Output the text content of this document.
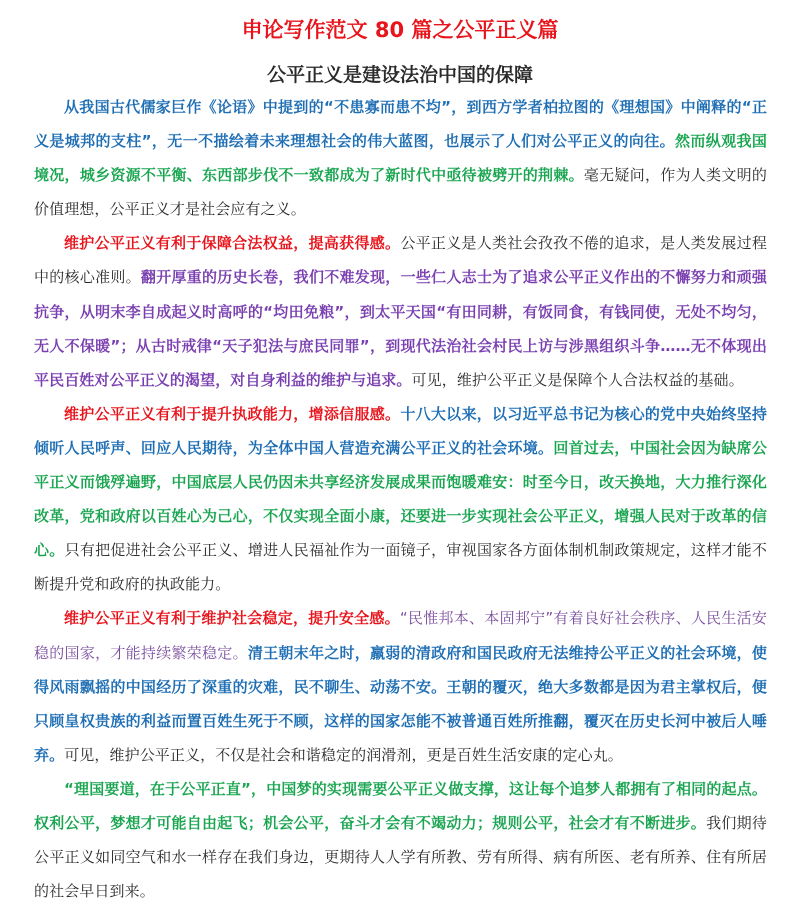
申论写作范文 80 篇之公平正义篇
公平正义是建设法治中国的保障

从我国古代儒家巨作《论语》中提到的“不患寡而患不均”，到西方学者柏拉图的《理想国》中阐释的“正义是城邦的支柱”，无一不描绘着未来理想社会的伟大蓝图，也展示了人们对公平正义的向往。然而纵观我国境况，城乡资源不平衡、东西部步伐不一致都成为了新时代中亟待被劈开的荆棘。毫无疑问，作为人类文明的价值理想，公平正义才是社会应有之义。

维护公平正义有利于保障合法权益，提高获得感。公平正义是人类社会孜孜不倦的追求，是人类发展过程中的核心准则。翻开厚重的历史长卷，我们不难发现，一些仁人志士为了追求公平正义作出的不懈努力和顽强抗争，从明末李自成起义时高呼的“均田免粮”，到太平天国“有田同耕，有饭同食，有钱同使，无处不均匀，无人不保暖”；从古时戒律“天子犯法与庶民同罪”，到现代法治社会村民上访与涉黑组织斗争……无不体现出平民百姓对公平正义的渴望，对自身利益的维护与追求。可见，维护公平正义是保障个人合法权益的基础。

维护公平正义有利于提升执政能力，增添信服感。十八大以来，以习近平总书记为核心的党中央始终坚持倾听人民呼声、回应人民期待，为全体中国人营造充满公平正义的社会环境。回首过去，中国社会因为缺席公平正义而饿殍遍野，中国底层人民仍因未共享经济发展成果而饱暖难安：时至今日，改天换地，大力推行深化改革，党和政府以百姓心为己心，不仅实现全面小康，还要进一步实现社会公平正义，增强人民对于改革的信心。只有把促进社会公平正义、增进人民福祉作为一面镜子，审视国家各方面体制机制政策规定，这样才能不断提升党和政府的执政能力。

维护公平正义有利于维护社会稳定，提升安全感。“民惟邦本、本固邦宁”有着良好社会秩序、人民生活安稳的国家，才能持续繁荣稳定。清王朝末年之时，羸弱的清政府和国民政府无法维持公平正义的社会环境，使得风雨飘摇的中国经历了深重的灾难，民不聊生、动荡不安。王朝的覆灭，绝大多数都是因为君主掌权后，便只顾皇权贵族的利益而置百姓生死于不顾，这样的国家怎能不被普通百姓所推翻，覆灭在历史长河中被后人唾弃。可见，维护公平正义，不仅是社会和谐稳定的润滑剂，更是百姓生活安康的定心丸。

“理国要道，在于公平正直”，中国梦的实现需要公平正义做支撑，这让每个追梦人都拥有了相同的起点。权利公平，梦想才可能自由起飞；机会公平，奋斗才会有不竭动力；规则公平，社会才有不断进步。我们期待公平正义如同空气和水一样存在我们身边，更期待人人学有所教、劳有所得、病有所医、老有所养、住有所居的社会早日到来。
